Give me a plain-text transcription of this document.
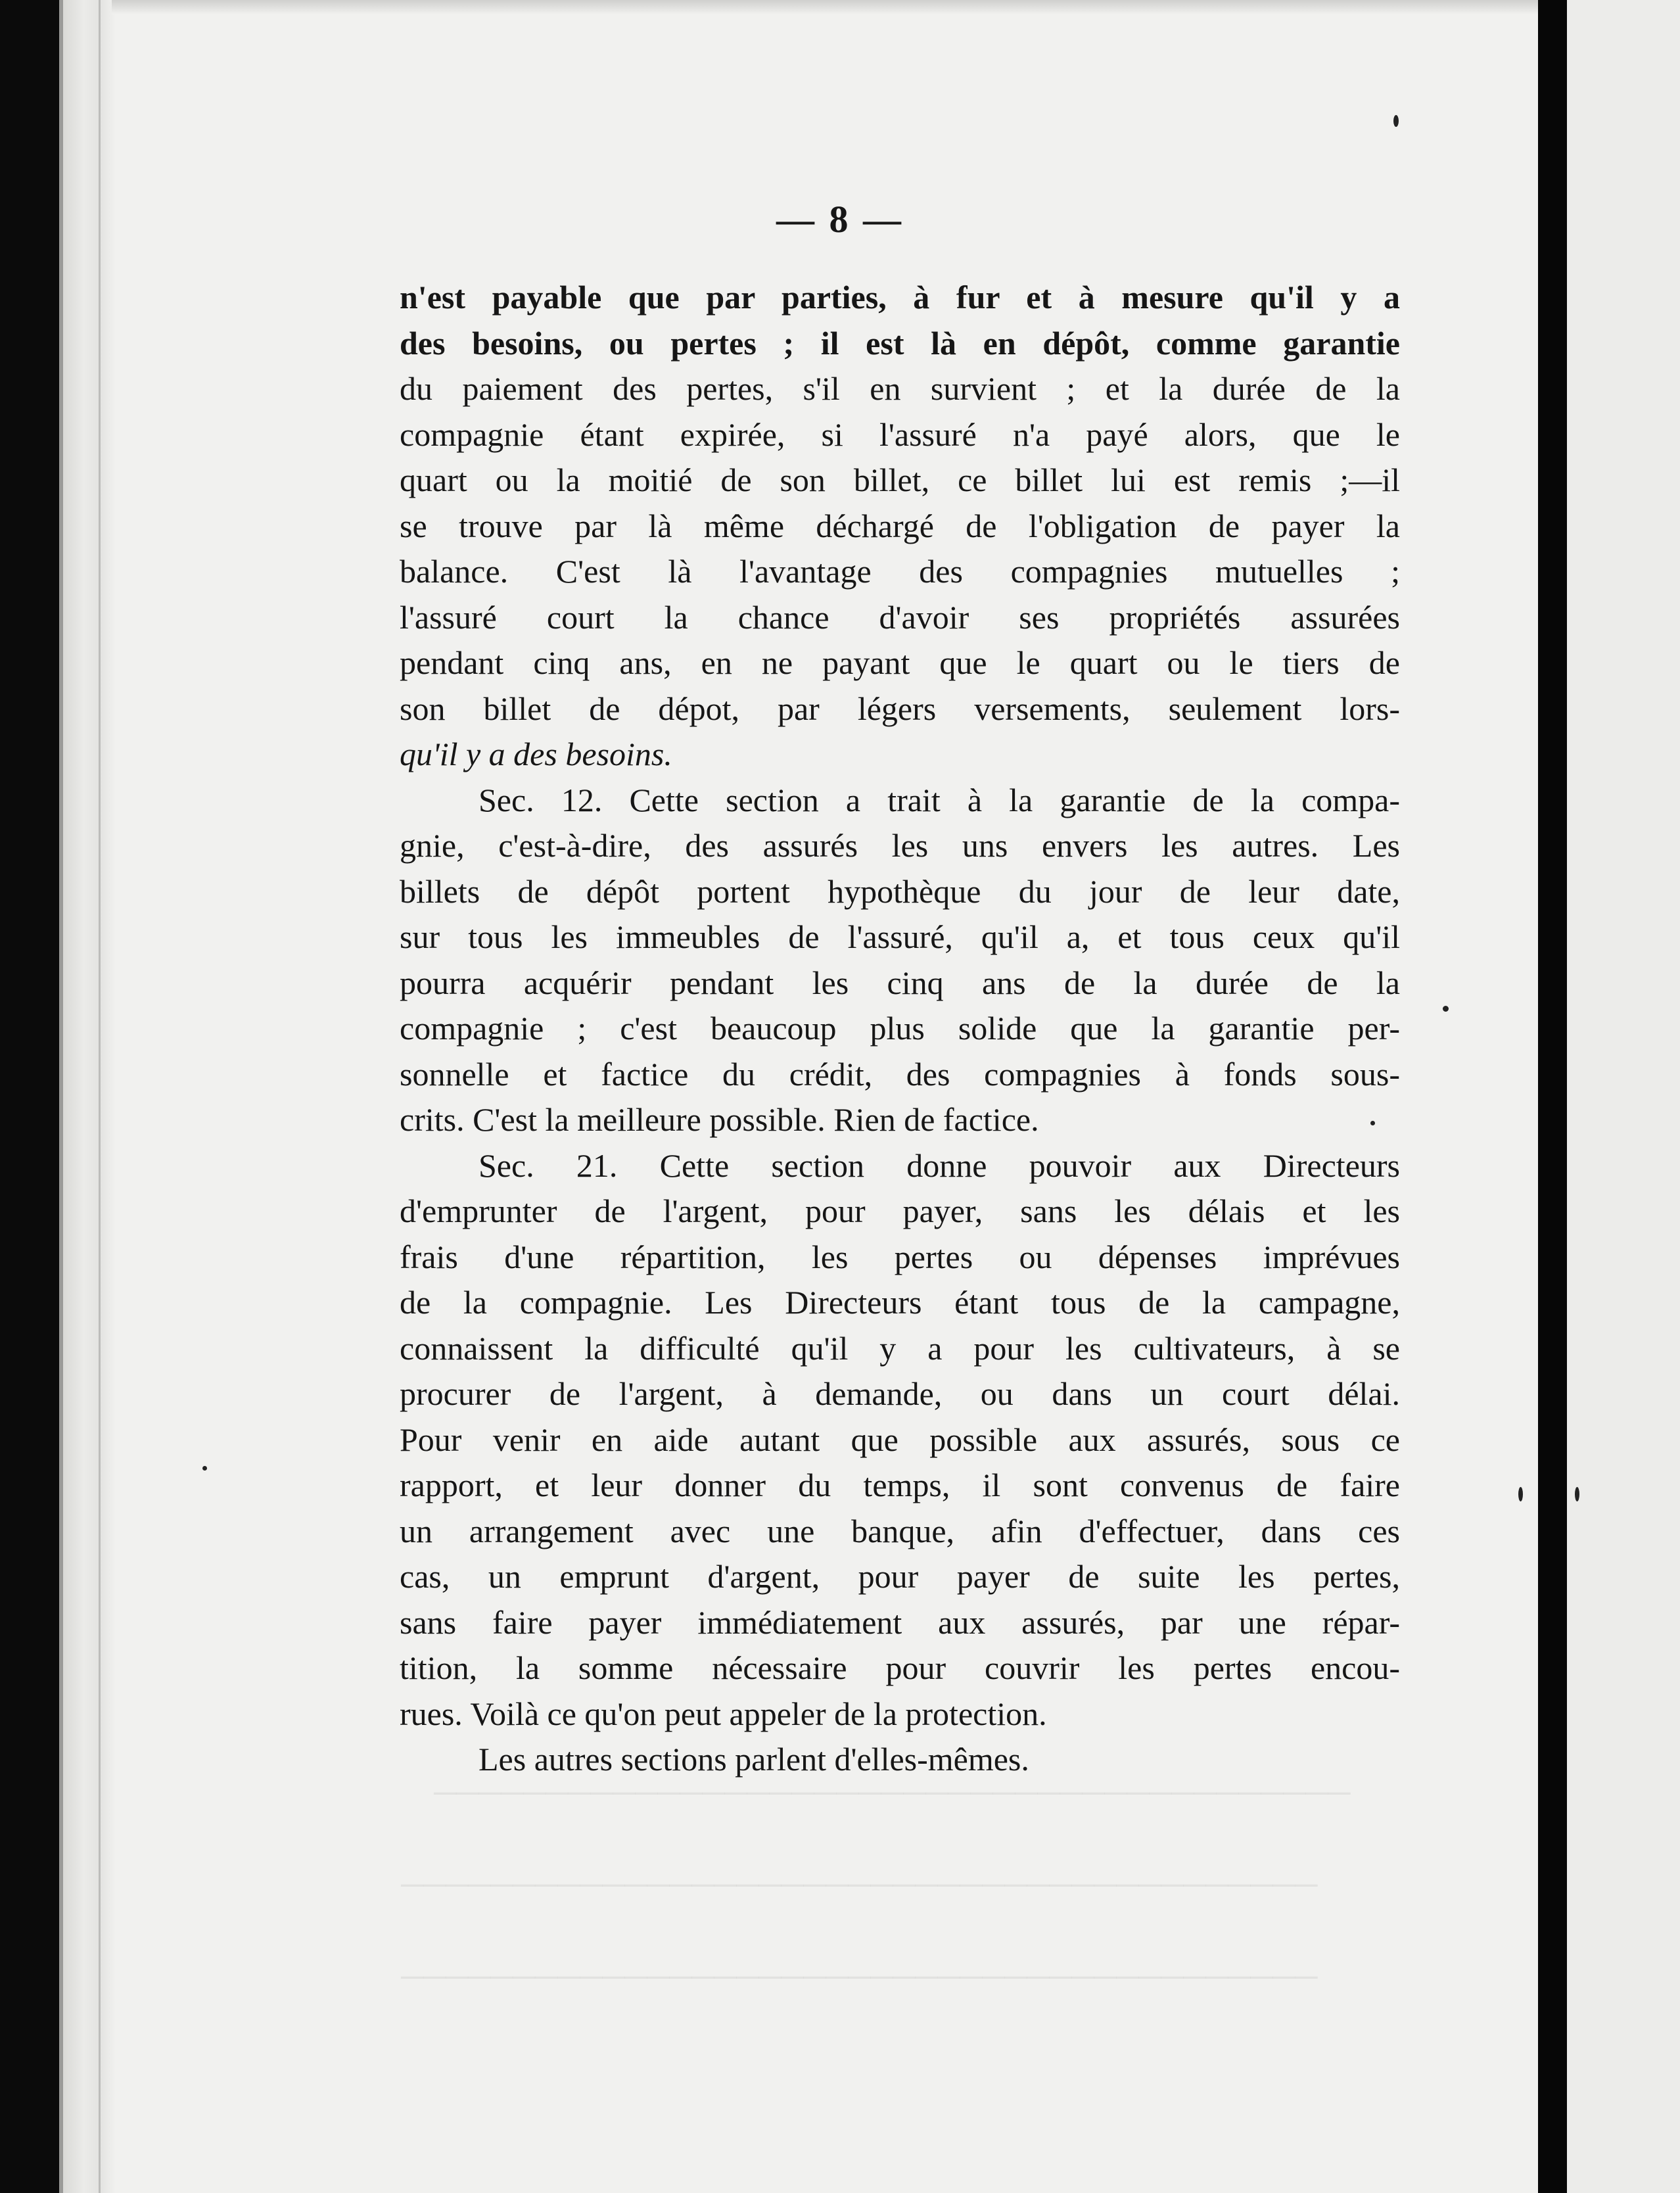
─────────────────────────────────────────
─────────────────────────────────────────
─────────────────────────────────────────
— 8 —
n'est payable que par parties, à fur et à mesure qu'il y a
des besoins, ou pertes ; il est là en dépôt, comme garantie
du paiement des pertes, s'il en survient ; et la durée de la
compagnie étant expirée, si l'assuré n'a payé alors, que le
quart ou la moitié de son billet, ce billet lui est remis ;—il
se trouve par là même déchargé de l'obligation de payer la
balance. C'est là l'avantage des compagnies mutuelles ;
l'assuré court la chance d'avoir ses propriétés assurées
pendant cinq ans, en ne payant que le quart ou le tiers de
son billet de dépot, par légers versements, seulement lors-
qu'il y a des besoins.
Sec. 12. Cette section a trait à la garantie de la compa-
gnie, c'est-à-dire, des assurés les uns envers les autres. Les
billets de dépôt portent hypothèque du jour de leur date,
sur tous les immeubles de l'assuré, qu'il a, et tous ceux qu'il
pourra acquérir pendant les cinq ans de la durée de la
compagnie ; c'est beaucoup plus solide que la garantie per-
sonnelle et factice du crédit, des compagnies à fonds sous-
crits. C'est la meilleure possible. Rien de factice.
Sec. 21. Cette section donne pouvoir aux Directeurs
d'emprunter de l'argent, pour payer, sans les délais et les
frais d'une répartition, les pertes ou dépenses imprévues
de la compagnie. Les Directeurs étant tous de la campagne,
connaissent la difficulté qu'il y a pour les cultivateurs, à se
procurer de l'argent, à demande, ou dans un court délai.
Pour venir en aide autant que possible aux assurés, sous ce
rapport, et leur donner du temps, il sont convenus de faire
un arrangement avec une banque, afin d'effectuer, dans ces
cas, un emprunt d'argent, pour payer de suite les pertes,
sans faire payer immédiatement aux assurés, par une répar-
tition, la somme nécessaire pour couvrir les pertes encou-
rues. Voilà ce qu'on peut appeler de la protection.
Les autres sections parlent d'elles-mêmes.
